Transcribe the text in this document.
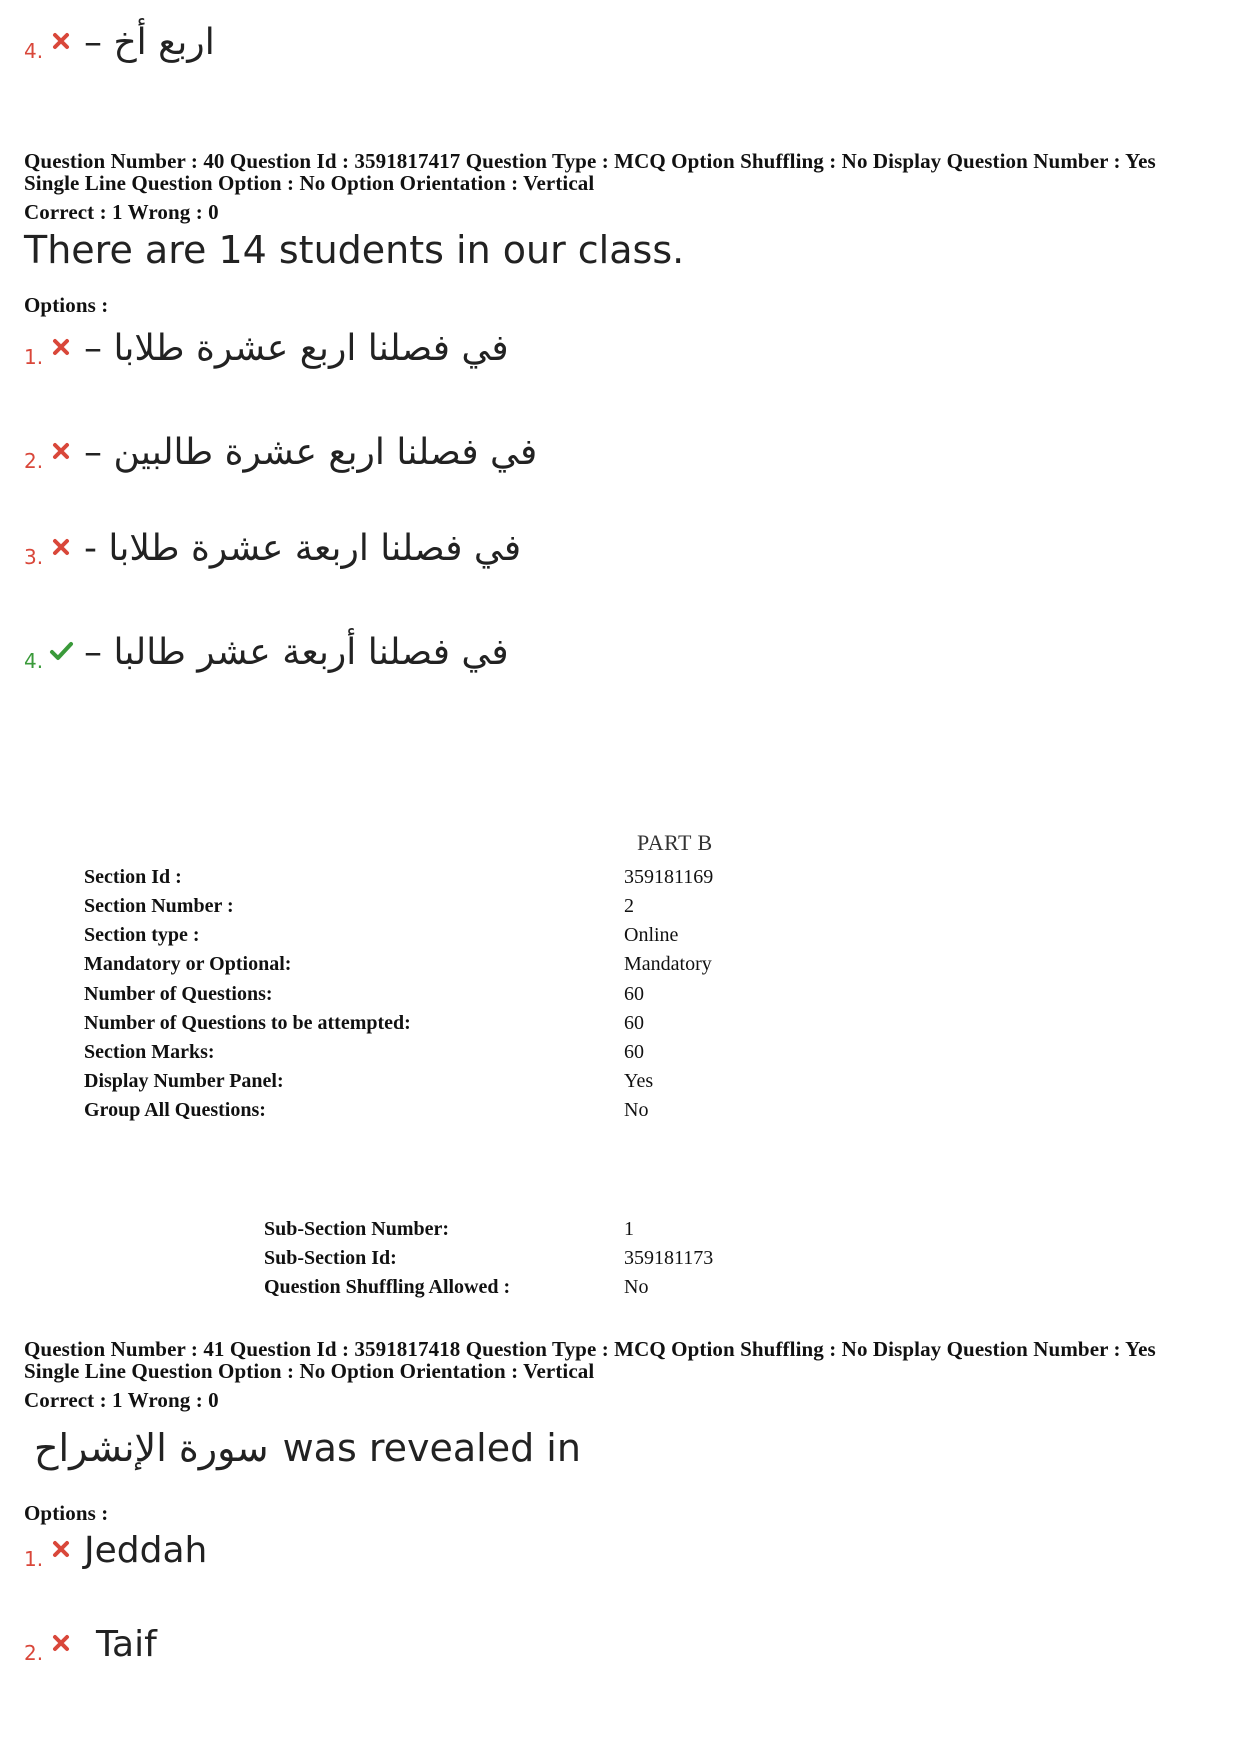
4. اربع أخ –
Question Number : 40 Question Id : 3591817417 Question Type : MCQ Option Shuffling : No Display Question Number : Yes
Single Line Question Option : No Option Orientation : Vertical
Correct : 1 Wrong : 0
There are 14 students in our class.
Options :
1. في فصلنا اربع عشرة طلابا –
2. في فصلنا اربع عشرة طالبين –
3. في فصلنا اربعة عشرة طلابا -
4. في فصلنا أربعة عشر طالبا –
PART B
Section Id :	359181169
Section Number :	2
Section type :	Online
Mandatory or Optional:	Mandatory
Number of Questions:	60
Number of Questions to be attempted:	60
Section Marks:	60
Display Number Panel:	Yes
Group All Questions:	No
Sub-Section Number:	1
Sub-Section Id:	359181173
Question Shuffling Allowed :	No
Question Number : 41 Question Id : 3591817418 Question Type : MCQ Option Shuffling : No Display Question Number : Yes
Single Line Question Option : No Option Orientation : Vertical
Correct : 1 Wrong : 0
سورة الإنشراح was revealed in
Options :
1. Jeddah
2. Taif
